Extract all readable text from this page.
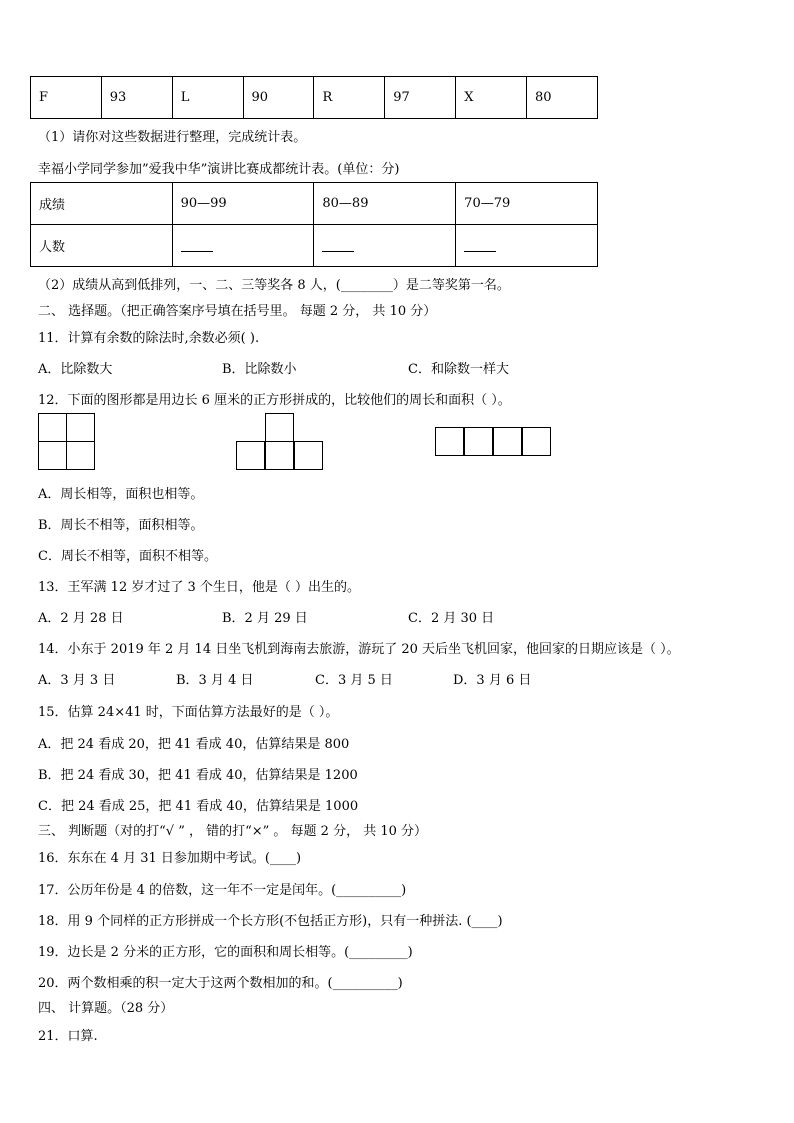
F	93	L	90	R	97	X	80
（1）请你对这些数据进行整理，完成统计表。
幸福小学同学参加”爱我中华”演讲比赛成都统计表。(单位：分)
成绩	90—99	80—89	70—79
人数			
（2）成绩从高到低排列，一、二、三等奖各 8 人，(________）是二等奖第一名。
二、 选择题。（把正确答案序号填在括号里。 每题 2 分， 共 10 分）
11．计算有余数的除法时,余数必须( ).
A．比除数大	B．比除数小	C．和除数一样大
12．下面的图形都是用边长 6 厘米的正方形拼成的，比较他们的周长和面积（ ）。
A．周长相等，面积也相等。
B．周长不相等，面积相等。
C．周长不相等，面积不相等。
13．王军满 12 岁才过了 3 个生日，他是（ ）出生的。
A．2 月 28 日	B．2 月 29 日	C．2 月 30 日
14．小东于 2019 年 2 月 14 日坐飞机到海南去旅游，游玩了 20 天后坐飞机回家，他回家的日期应该是（ ）。
A．3 月 3 日	B．3 月 4 日	C．3 月 5 日	D．3 月 6 日
15．估算 24×41 时，下面估算方法最好的是（ ）。
A．把 24 看成 20，把 41 看成 40，估算结果是 800
B．把 24 看成 30，把 41 看成 40，估算结果是 1200
C．把 24 看成 25，把 41 看成 40，估算结果是 1000
三、 判断题（对的打“√ ” ， 错的打“×” 。 每题 2 分， 共 10 分）
16．东东在 4 月 31 日参加期中考试。(____)
17．公历年份是 4 的倍数，这一年不一定是闰年。(__________)
18．用 9 个同样的正方形拼成一个长方形(不包括正方形)，只有一种拼法. (____)
19．边长是 2 分米的正方形，它的面积和周长相等。(_________)
20．两个数相乘的积一定大于这两个数相加的和。(__________)
四、 计算题。（28 分）
21．口算.
